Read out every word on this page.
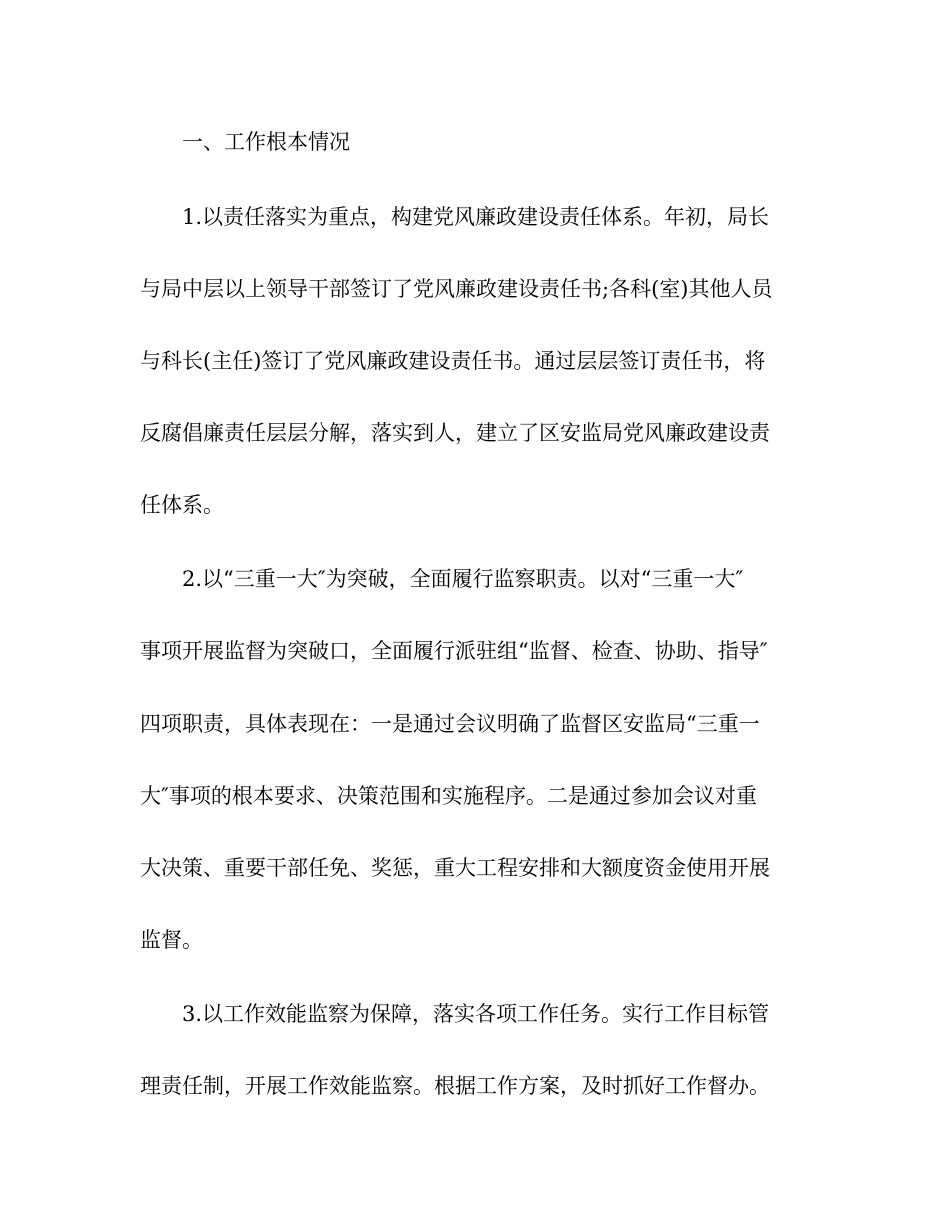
一、工作根本情况

1.以责任落实为重点，构建党风廉政建设责任体系。年初，局长

与局中层以上领导干部签订了党风廉政建设责任书;各科(室)其他人员

与科长(主任)签订了党风廉政建设责任书。通过层层签订责任书，将

反腐倡廉责任层层分解，落实到人，建立了区安监局党风廉政建设责

任体系。

2.以“三重一大″为突破，全面履行监察职责。以对“三重一大″

事项开展监督为突破口，全面履行派驻组“监督、检查、协助、指导″

四项职责，具体表现在：一是通过会议明确了监督区安监局“三重一

大″事项的根本要求、决策范围和实施程序。二是通过参加会议对重

大决策、重要干部任免、奖惩，重大工程安排和大额度资金使用开展

监督。

3.以工作效能监察为保障，落实各项工作任务。实行工作目标管

理责任制，开展工作效能监察。根据工作方案，及时抓好工作督办。
